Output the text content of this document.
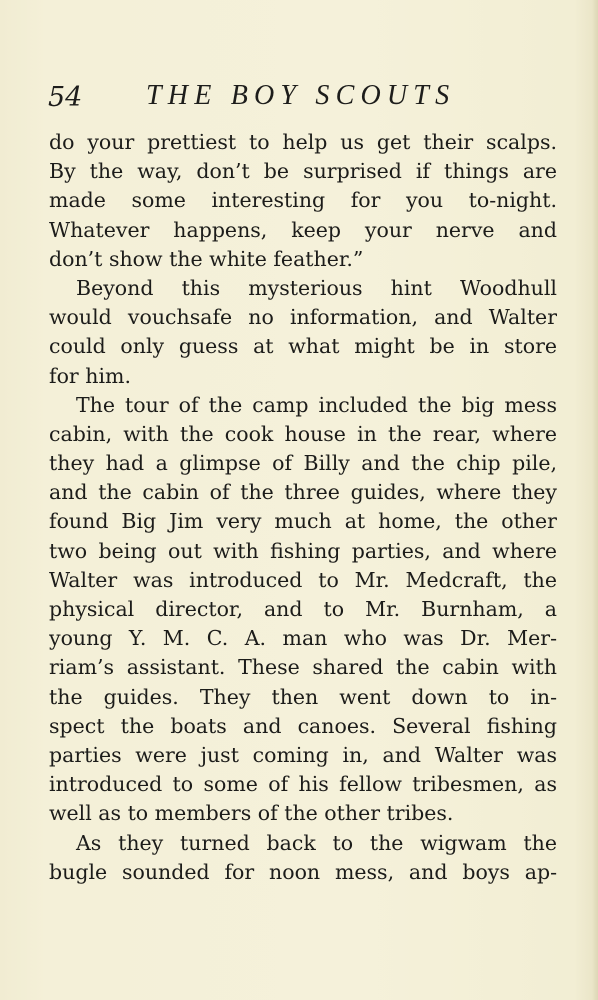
54 THE BOY SCOUTS
do your prettiest to help us get their scalps.
By the way, don’t be surprised if things are
made some interesting for you to-night.
Whatever happens, keep your nerve and
don’t show the white feather.”
Beyond this mysterious hint Woodhull
would vouchsafe no information, and Walter
could only guess at what might be in store
for him.
The tour of the camp included the big mess
cabin, with the cook house in the rear, where
they had a glimpse of Billy and the chip pile,
and the cabin of the three guides, where they
found Big Jim very much at home, the other
two being out with fishing parties, and where
Walter was introduced to Mr. Medcraft, the
physical director, and to Mr. Burnham, a
young Y. M. C. A. man who was Dr. Mer-
riam’s assistant. These shared the cabin with
the guides. They then went down to in-
spect the boats and canoes. Several fishing
parties were just coming in, and Walter was
introduced to some of his fellow tribesmen, as
well as to members of the other tribes.
As they turned back to the wigwam the
bugle sounded for noon mess, and boys ap-
